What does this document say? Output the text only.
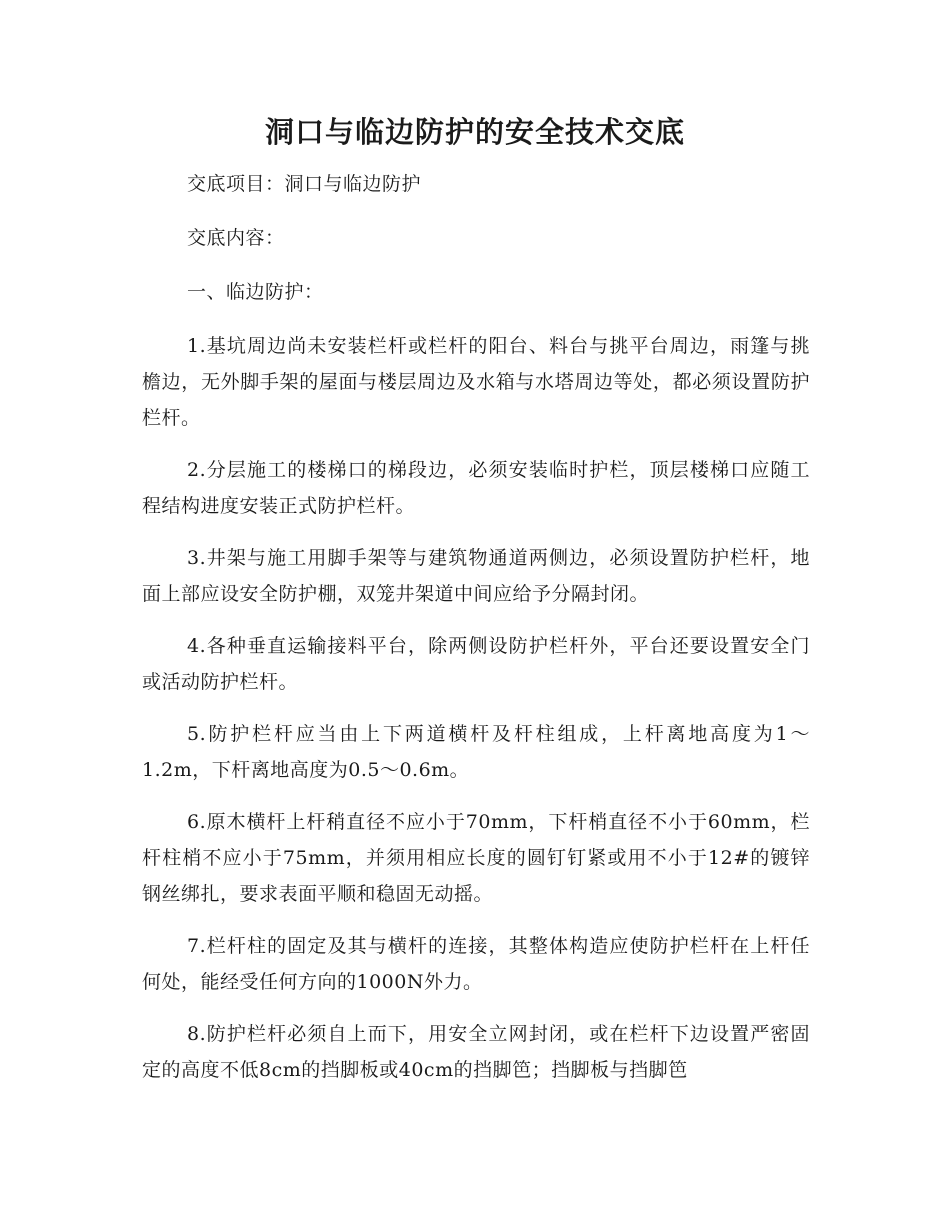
洞口与临边防护的安全技术交底

交底项目：洞口与临边防护

交底内容：

一、临边防护：

1.基坑周边尚未安装栏杆或栏杆的阳台、料台与挑平台周边，雨篷与挑檐边，无外脚手架的屋面与楼层周边及水箱与水塔周边等处，都必须设置防护栏杆。

2.分层施工的楼梯口的梯段边，必须安装临时护栏，顶层楼梯口应随工程结构进度安装正式防护栏杆。

3.井架与施工用脚手架等与建筑物通道两侧边，必须设置防护栏杆，地面上部应设安全防护棚，双笼井架道中间应给予分隔封闭。

4.各种垂直运输接料平台，除两侧设防护栏杆外，平台还要设置安全门或活动防护栏杆。

5.防护栏杆应当由上下两道横杆及杆柱组成，上杆离地高度为1～1.2m，下杆离地高度为0.5～0.6m。

6.原木横杆上杆稍直径不应小于70mm，下杆梢直径不小于60mm，栏杆柱梢不应小于75mm，并须用相应长度的圆钉钉紧或用不小于12#的镀锌钢丝绑扎，要求表面平顺和稳固无动摇。

7.栏杆柱的固定及其与横杆的连接，其整体构造应使防护栏杆在上杆任何处，能经受任何方向的1000N外力。

8.防护栏杆必须自上而下，用安全立网封闭，或在栏杆下边设置严密固定的高度不低8cm的挡脚板或40cm的挡脚笆；挡脚板与挡脚笆
